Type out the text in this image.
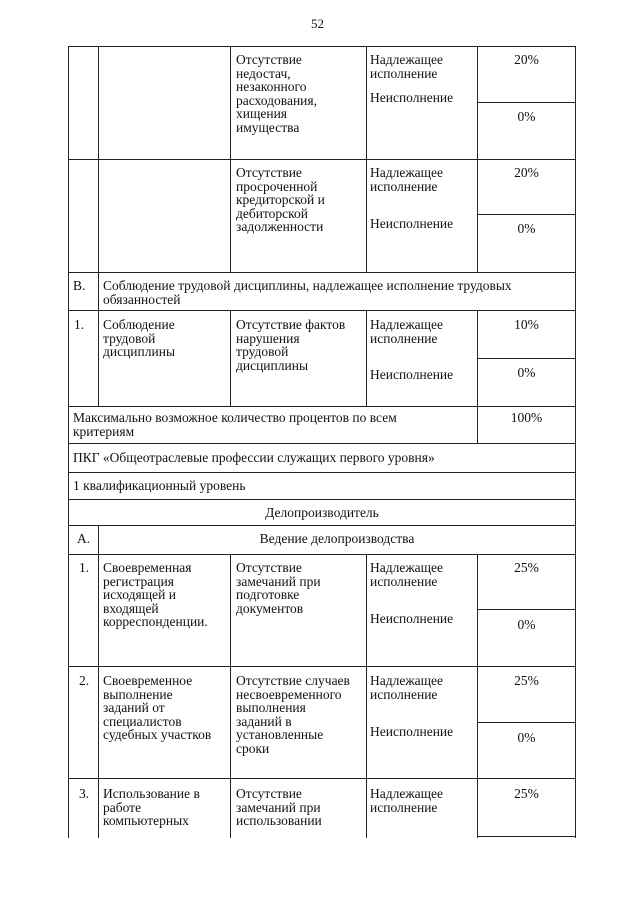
52
Отсутствие
недостач,
незаконного
расходования,
хищения
имущества
Надлежащее
исполнение
Неисполнение
20%
0%
Отсутствие
просроченной
кредиторской и
дебиторской
задолженности
Надлежащее
исполнение
Неисполнение
20%
0%
В. Соблюдение трудовой дисциплины, надлежащее исполнение трудовых
обязанностей
1. Соблюдение
трудовой
дисциплины
Отсутствие фактов
нарушения
трудовой
дисциплины
Надлежащее
исполнение
Неисполнение
10%
0%
Максимально возможное количество процентов по всем
критериям
100%
ПКГ «Общеотраслевые профессии служащих первого уровня»
1 квалификационный уровень
Делопроизводитель
А.	Ведение делопроизводства
1. Своевременная
регистрация
исходящей и
входящей
корреспонденции.
Отсутствие
замечаний при
подготовке
документов
Надлежащее
исполнение
Неисполнение
25%
0%
2. Своевременное
выполнение
заданий от
специалистов
судебных участков
Отсутствие случаев
несвоевременного
выполнения
заданий в
установленные
сроки
Надлежащее
исполнение
Неисполнение
25%
0%
3. Использование в
работе
компьютерных
Отсутствие
замечаний при
использовании
Надлежащее
исполнение
25%
